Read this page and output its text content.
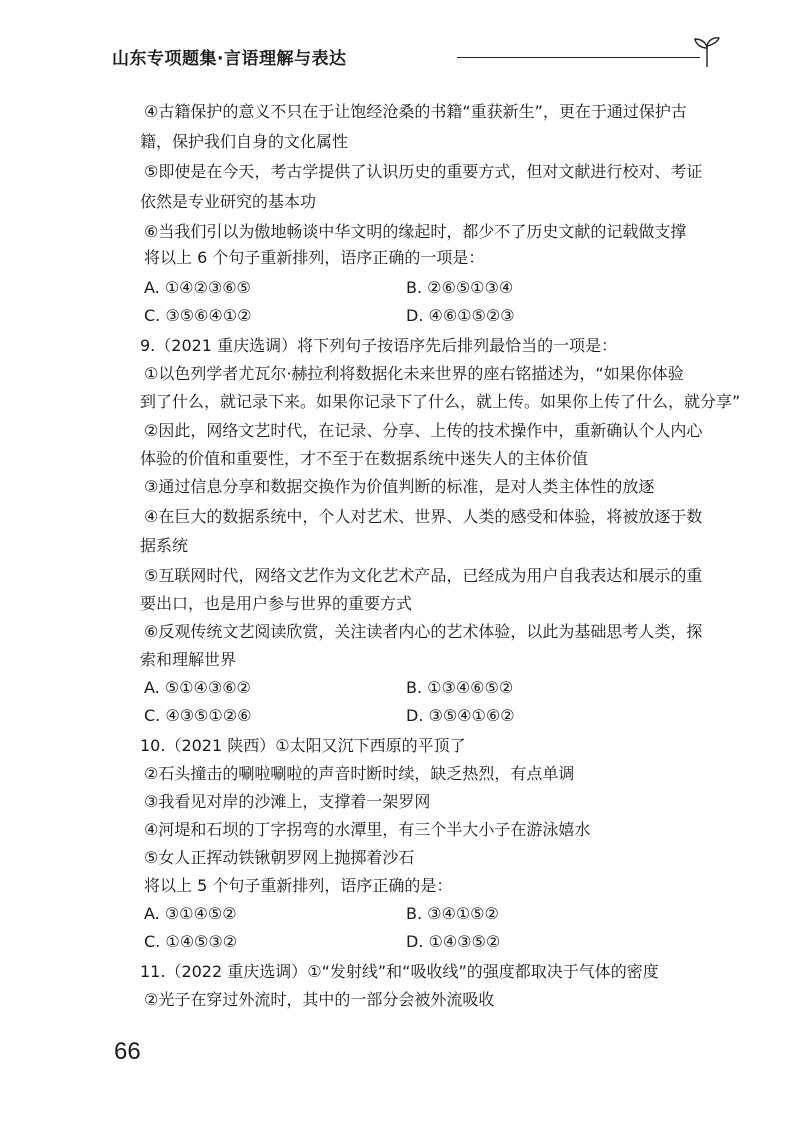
山东专项题集·言语理解与表达
④古籍保护的意义不只在于让饱经沧桑的书籍“重获新生”，更在于通过保护古
籍，保护我们自身的文化属性
⑤即使是在今天，考古学提供了认识历史的重要方式，但对文献进行校对、考证
依然是专业研究的基本功
⑥当我们引以为傲地畅谈中华文明的缘起时，都少不了历史文献的记载做支撑
将以上 6 个句子重新排列，语序正确的一项是：
A. ①④②③⑥⑤	B. ②⑥⑤①③④
C. ③⑤⑥④①②	D. ④⑥①⑤②③
9.（2021 重庆选调）将下列句子按语序先后排列最恰当的一项是：
①以色列学者尤瓦尔·赫拉利将数据化未来世界的座右铭描述为，“如果你体验
到了什么，就记录下来。如果你记录下了什么，就上传。如果你上传了什么，就分享”
②因此，网络文艺时代，在记录、分享、上传的技术操作中，重新确认个人内心
体验的价值和重要性，才不至于在数据系统中迷失人的主体价值
③通过信息分享和数据交换作为价值判断的标准，是对人类主体性的放逐
④在巨大的数据系统中，个人对艺术、世界、人类的感受和体验，将被放逐于数
据系统
⑤互联网时代，网络文艺作为文化艺术产品，已经成为用户自我表达和展示的重
要出口，也是用户参与世界的重要方式
⑥反观传统文艺阅读欣赏，关注读者内心的艺术体验，以此为基础思考人类，探
索和理解世界
A. ⑤①④③⑥②	B. ①③④⑥⑤②
C. ④③⑤①②⑥	D. ③⑤④①⑥②
10.（2021 陕西）①太阳又沉下西原的平顶了
②石头撞击的唰啦唰啦的声音时断时续，缺乏热烈，有点单调
③我看见对岸的沙滩上，支撑着一架罗网
④河堤和石坝的丁字拐弯的水潭里，有三个半大小子在游泳嬉水
⑤女人正挥动铁锹朝罗网上抛掷着沙石
将以上 5 个句子重新排列，语序正确的是：
A. ③①④⑤②	B. ③④①⑤②
C. ①④⑤③②	D. ①④③⑤②
11.（2022 重庆选调）①“发射线”和“吸收线”的强度都取决于气体的密度
②光子在穿过外流时，其中的一部分会被外流吸收
66
